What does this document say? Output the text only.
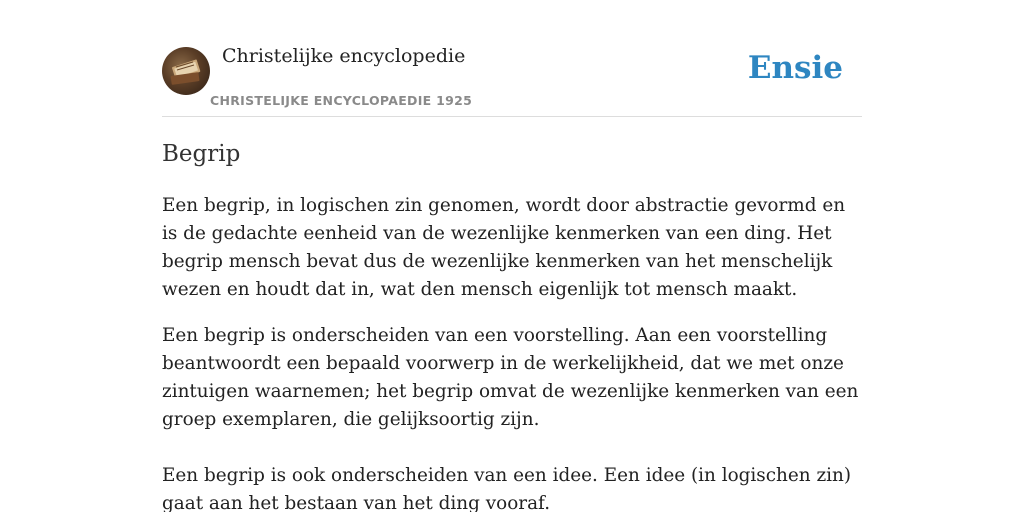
Christelijke encyclopedie
CHRISTELIJKE ENCYCLOPAEDIE 1925
Ensie
Begrip

Een begrip, in logischen zin genomen, wordt door abstractie gevormd en is de gedachte eenheid van de wezenlijke kenmerken van een ding. Het begrip mensch bevat dus de wezenlijke kenmerken van het menschelijk wezen en houdt dat in, wat den mensch eigenlijk tot mensch maakt.

Een begrip is onderscheiden van een voorstelling. Aan een voorstelling beantwoordt een bepaald voorwerp in de werkelijkheid, dat we met onze zintuigen waarnemen; het begrip omvat de wezenlijke kenmerken van een groep exemplaren, die gelijksoortig zijn.

Een begrip is ook onderscheiden van een idee. Een idee (in logischen zin) gaat aan het bestaan van het ding vooraf.
